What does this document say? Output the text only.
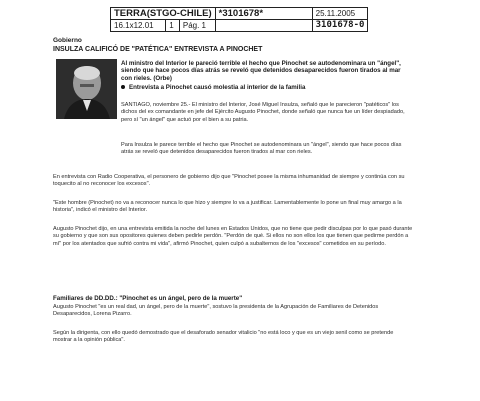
TERRA(STGO-CHILE)			*3101678*	25.11.2005
16.1x12.01	1	Pág. 1		3101678-0
Gobierno
INSULZA CALIFICÓ DE "PATÉTICA" ENTREVISTA A PINOCHET
Al ministro del Interior le pareció terrible el hecho que Pinochet se autodenominara un "ángel", siendo que hace pocos días atrás se reveló que detenidos desaparecidos fueron tirados al mar con rieles. (Orbe)
Entrevista a Pinochet causó molestia al interior de la familia
SANTIAGO, noviembre 25.- El ministro del Interior, José Miguel Insulza, señaló que le parecieron "patéticos" los dichos del ex comandante en jefe del Ejército Augusto Pinochet, donde señaló que nunca fue un líder despiadado, pero sí "un ángel" que actuó por el bien a su patria.
Para Insulza le parece terrible el hecho que Pinochet se autodenominara un "ángel", siendo que hace pocos días atrás se reveló que detenidos desaparecidos fueron tirados al mar con rieles.
En entrevista con Radio Cooperativa, el personero de gobierno dijo que "Pinochet posee la misma inhumanidad de siempre y continúa con su toquecito al no reconocer los excesos".
"Este hombre (Pinochet) no va a reconocer nunca lo que hizo y siempre lo va a justificar. Lamentablemente lo pone un final muy amargo a la historia", indicó el ministro del Interior.
Augusto Pinochet dijo, en una entrevista emitida la noche del lunes en Estados Unidos, que no tiene que pedir disculpas por lo que pasó durante su gobierno y que son sus opositores quienes deben pedirle perdón. "Perdón de qué. Si ellos no son ellos los que tienen que pedirme perdón a mí" por los atentados que sufrió contra mi vida", afirmó Pinochet, quien culpó a subalternos de los "excesos" cometidos en su período.
Familiares de DD.DD.: "Pinochet es un ángel, pero de la muerte"
Augusto Pinochet "es un real dad, un ángel, pero de la muerte", sostuvo la presidenta de la Agrupación de Familiares de Detenidos Desaparecidos, Lorena Pizarro.
Según la dirigenta, con ello quedó demostrado que el desaforado senador vitalicio "no está loco y que es un viejo senil como se pretende mostrar a la opinión pública".
